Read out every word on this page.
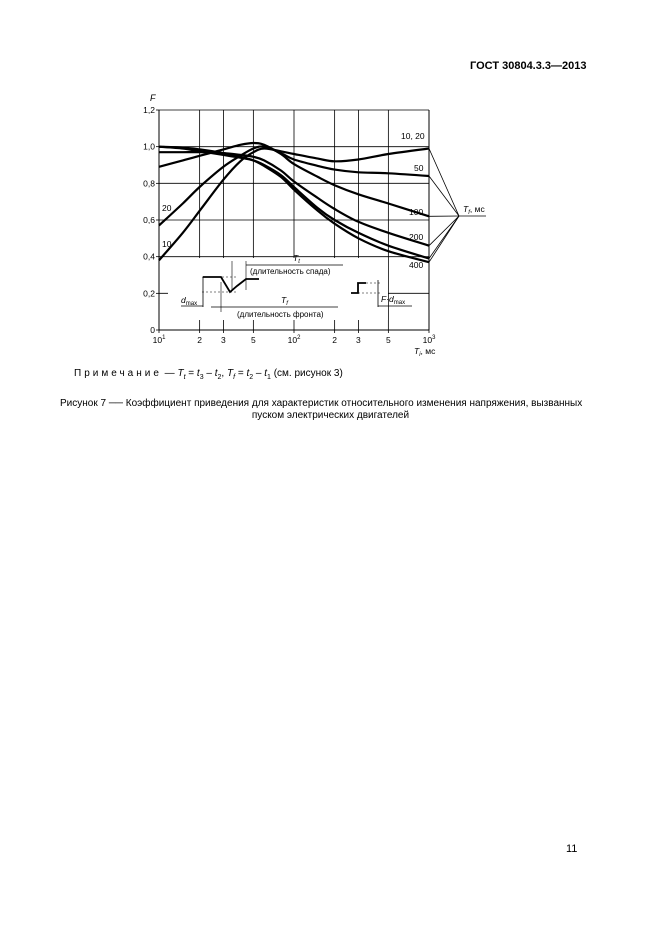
ГОСТ 30804.3.3—2013
0
0,2
0,4
0,6
0,8
1,0
1,2
$10^1$	2 3	5	$10^2$	2 3	5	$10^3$
F
$T_i$, мс
$T_f$, мс
20
10
10, 20
50
100
200
400
$T_t$
(длительность спада)
$d_{max}$	$T_f$
(длительность фронта)
$F\cdot d_{max}$
Примечание — $T_t = t_3 - t_2$, $T_f = t_2 - t_1$ (см. рисунок 3)
Рисунок 7 ── Коэффициент приведения для характеристик относительного изменения напряжения, вызванных
пуском электрических двигателей
11
